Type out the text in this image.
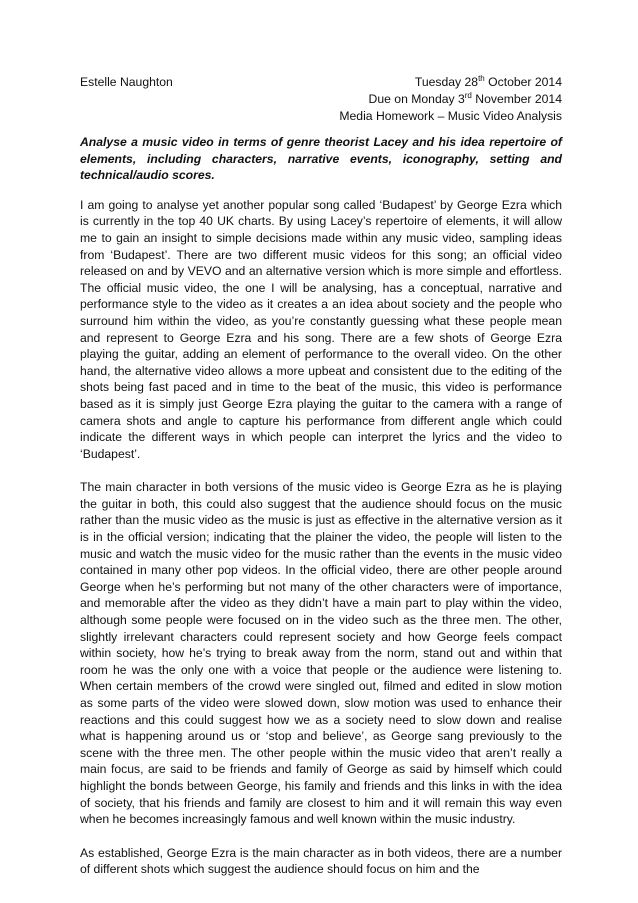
Estelle Naughton	Tuesday 28th October 2014
Due on Monday 3rd November 2014
Media Homework – Music Video Analysis
Analyse a music video in terms of genre theorist Lacey and his idea repertoire of elements, including characters, narrative events, iconography, setting and technical/audio scores.

I am going to analyse yet another popular song called ‘Budapest’ by George Ezra which is currently in the top 40 UK charts. By using Lacey’s repertoire of elements, it will allow me to gain an insight to simple decisions made within any music video, sampling ideas from ‘Budapest’. There are two different music videos for this song; an official video released on and by VEVO and an alternative version which is more simple and effortless. The official music video, the one I will be analysing, has a conceptual, narrative and performance style to the video as it creates a an idea about society and the people who surround him within the video, as you’re constantly guessing what these people mean and represent to George Ezra and his song. There are a few shots of George Ezra playing the guitar, adding an element of performance to the overall video. On the other hand, the alternative video allows a more upbeat and consistent due to the editing of the shots being fast paced and in time to the beat of the music, this video is performance based as it is simply just George Ezra playing the guitar to the camera with a range of camera shots and angle to capture his performance from different angle which could indicate the different ways in which people can interpret the lyrics and the video to ‘Budapest’.

The main character in both versions of the music video is George Ezra as he is playing the guitar in both, this could also suggest that the audience should focus on the music rather than the music video as the music is just as effective in the alternative version as it is in the official version; indicating that the plainer the video, the people will listen to the music and watch the music video for the music rather than the events in the music video contained in many other pop videos. In the official video, there are other people around George when he’s performing but not many of the other characters were of importance, and memorable after the video as they didn’t have a main part to play within the video, although some people were focused on in the video such as the three men. The other, slightly irrelevant characters could represent society and how George feels compact within society, how he’s trying to break away from the norm, stand out and within that room he was the only one with a voice that people or the audience were listening to. When certain members of the crowd were singled out, filmed and edited in slow motion as some parts of the video were slowed down, slow motion was used to enhance their reactions and this could suggest how we as a society need to slow down and realise what is happening around us or ‘stop and believe’, as George sang previously to the scene with the three men. The other people within the music video that aren’t really a main focus, are said to be friends and family of George as said by himself which could highlight the bonds between George, his family and friends and this links in with the idea of society, that his friends and family are closest to him and it will remain this way even when he becomes increasingly famous and well known within the music industry.

As established, George Ezra is the main character as in both videos, there are a number of different shots which suggest the audience should focus on him and the
